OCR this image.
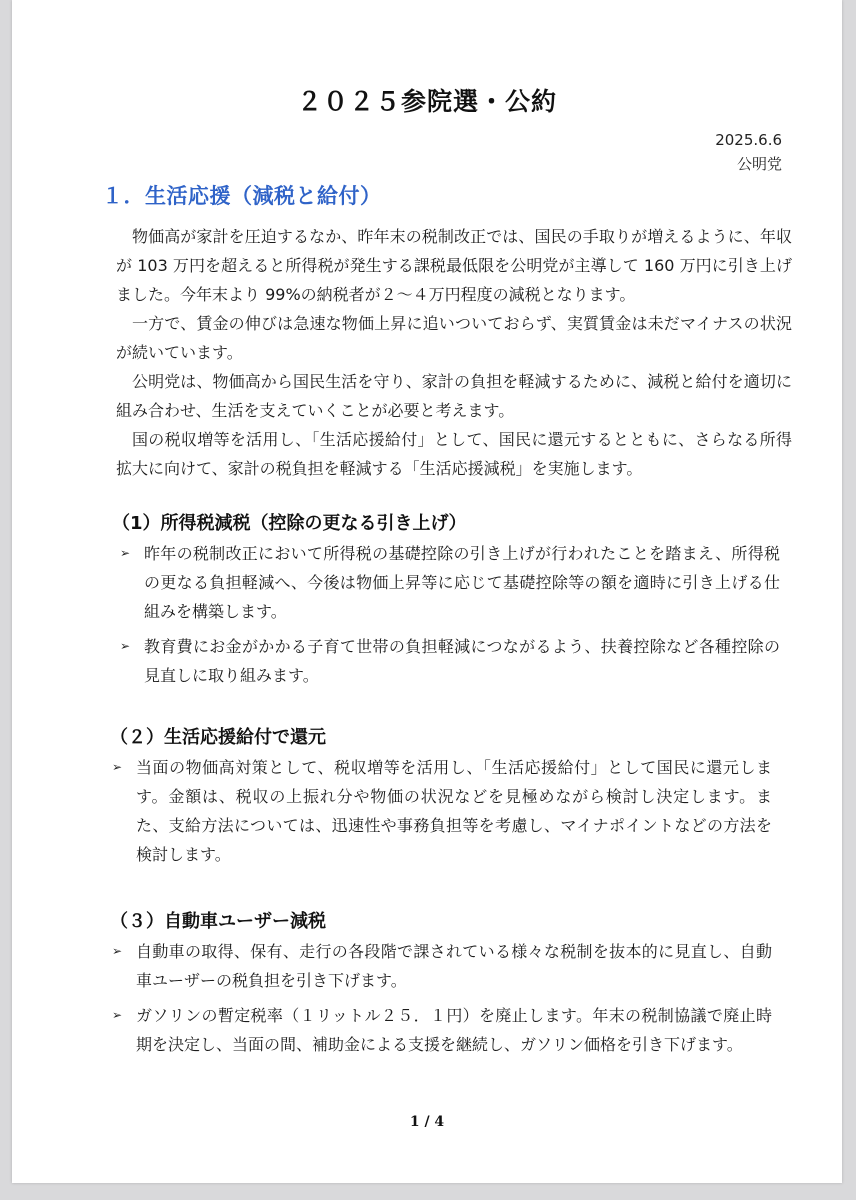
２０２５参院選・公約
2025.6.6
公明党
１．生活応援（減税と給付）

物価高が家計を圧迫するなか、昨年末の税制改正では、国民の手取りが増えるように、年収が 103 万円を超えると所得税が発生する課税最低限を公明党が主導して 160 万円に引き上げました。今年末より 99%の納税者が２～４万円程度の減税となります。

一方で、賃金の伸びは急速な物価上昇に追いついておらず、実質賃金は未だマイナスの状況が続いています。

公明党は、物価高から国民生活を守り、家計の負担を軽減するために、減税と給付を適切に組み合わせ、生活を支えていくことが必要と考えます。

国の税収増等を活用し、「生活応援給付」として、国民に還元するとともに、さらなる所得拡大に向けて、家計の税負担を軽減する「生活応援減税」を実施します。

（1）所得税減税（控除の更なる引き上げ）
➢ 昨年の税制改正において所得税の基礎控除の引き上げが行われたことを踏まえ、所得税の更なる負担軽減へ、今後は物価上昇等に応じて基礎控除等の額を適時に引き上げる仕組みを構築します。
➢ 教育費にお金がかかる子育て世帯の負担軽減につながるよう、扶養控除など各種控除の見直しに取り組みます。
（２）生活応援給付で還元
➢ 当面の物価高対策として、税収増等を活用し、「生活応援給付」として国民に還元します。金額は、税収の上振れ分や物価の状況などを見極めながら検討し決定します。また、支給方法については、迅速性や事務負担等を考慮し、マイナポイントなどの方法を検討します。
（３）自動車ユーザー減税
➢ 自動車の取得、保有、走行の各段階で課されている様々な税制を抜本的に見直し、自動車ユーザーの税負担を引き下げます。
➢ ガソリンの暫定税率（１リットル２５．１円）を廃止します。年末の税制協議で廃止時期を決定し、当面の間、補助金による支援を継続し、ガソリン価格を引き下げます。
1 / 4
